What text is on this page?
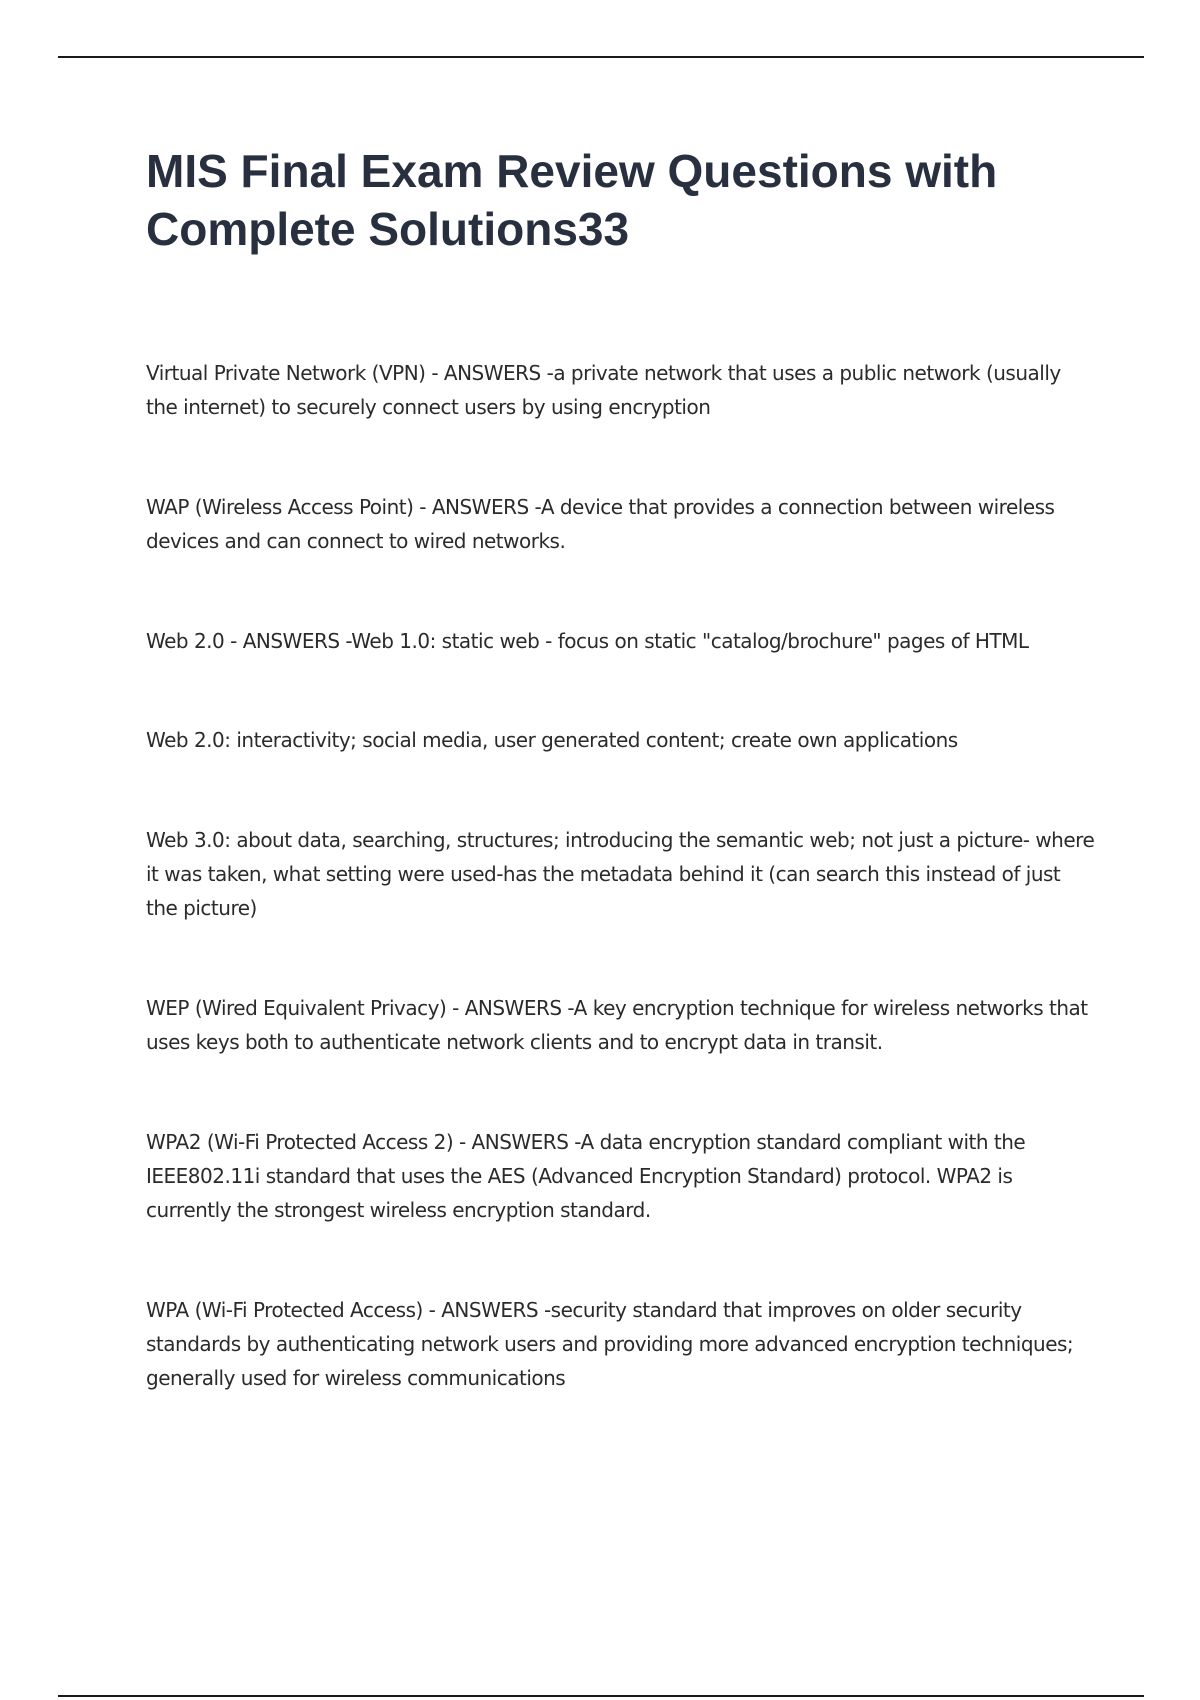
MIS Final Exam Review Questions with Complete Solutions33

Virtual Private Network (VPN) - ANSWERS -a private network that uses a public network (usually the internet) to securely connect users by using encryption

WAP (Wireless Access Point) - ANSWERS -A device that provides a connection between wireless devices and can connect to wired networks.

Web 2.0 - ANSWERS -Web 1.0: static web - focus on static "catalog/brochure" pages of HTML

Web 2.0: interactivity; social media, user generated content; create own applications

Web 3.0: about data, searching, structures; introducing the semantic web; not just a picture- where it was taken, what setting were used-has the metadata behind it (can search this instead of just the picture)

WEP (Wired Equivalent Privacy) - ANSWERS -A key encryption technique for wireless networks that uses keys both to authenticate network clients and to encrypt data in transit.

WPA2 (Wi-Fi Protected Access 2) - ANSWERS -A data encryption standard compliant with the IEEE802.11i standard that uses the AES (Advanced Encryption Standard) protocol. WPA2 is currently the strongest wireless encryption standard.

WPA (Wi-Fi Protected Access) - ANSWERS -security standard that improves on older security standards by authenticating network users and providing more advanced encryption techniques; generally used for wireless communications
